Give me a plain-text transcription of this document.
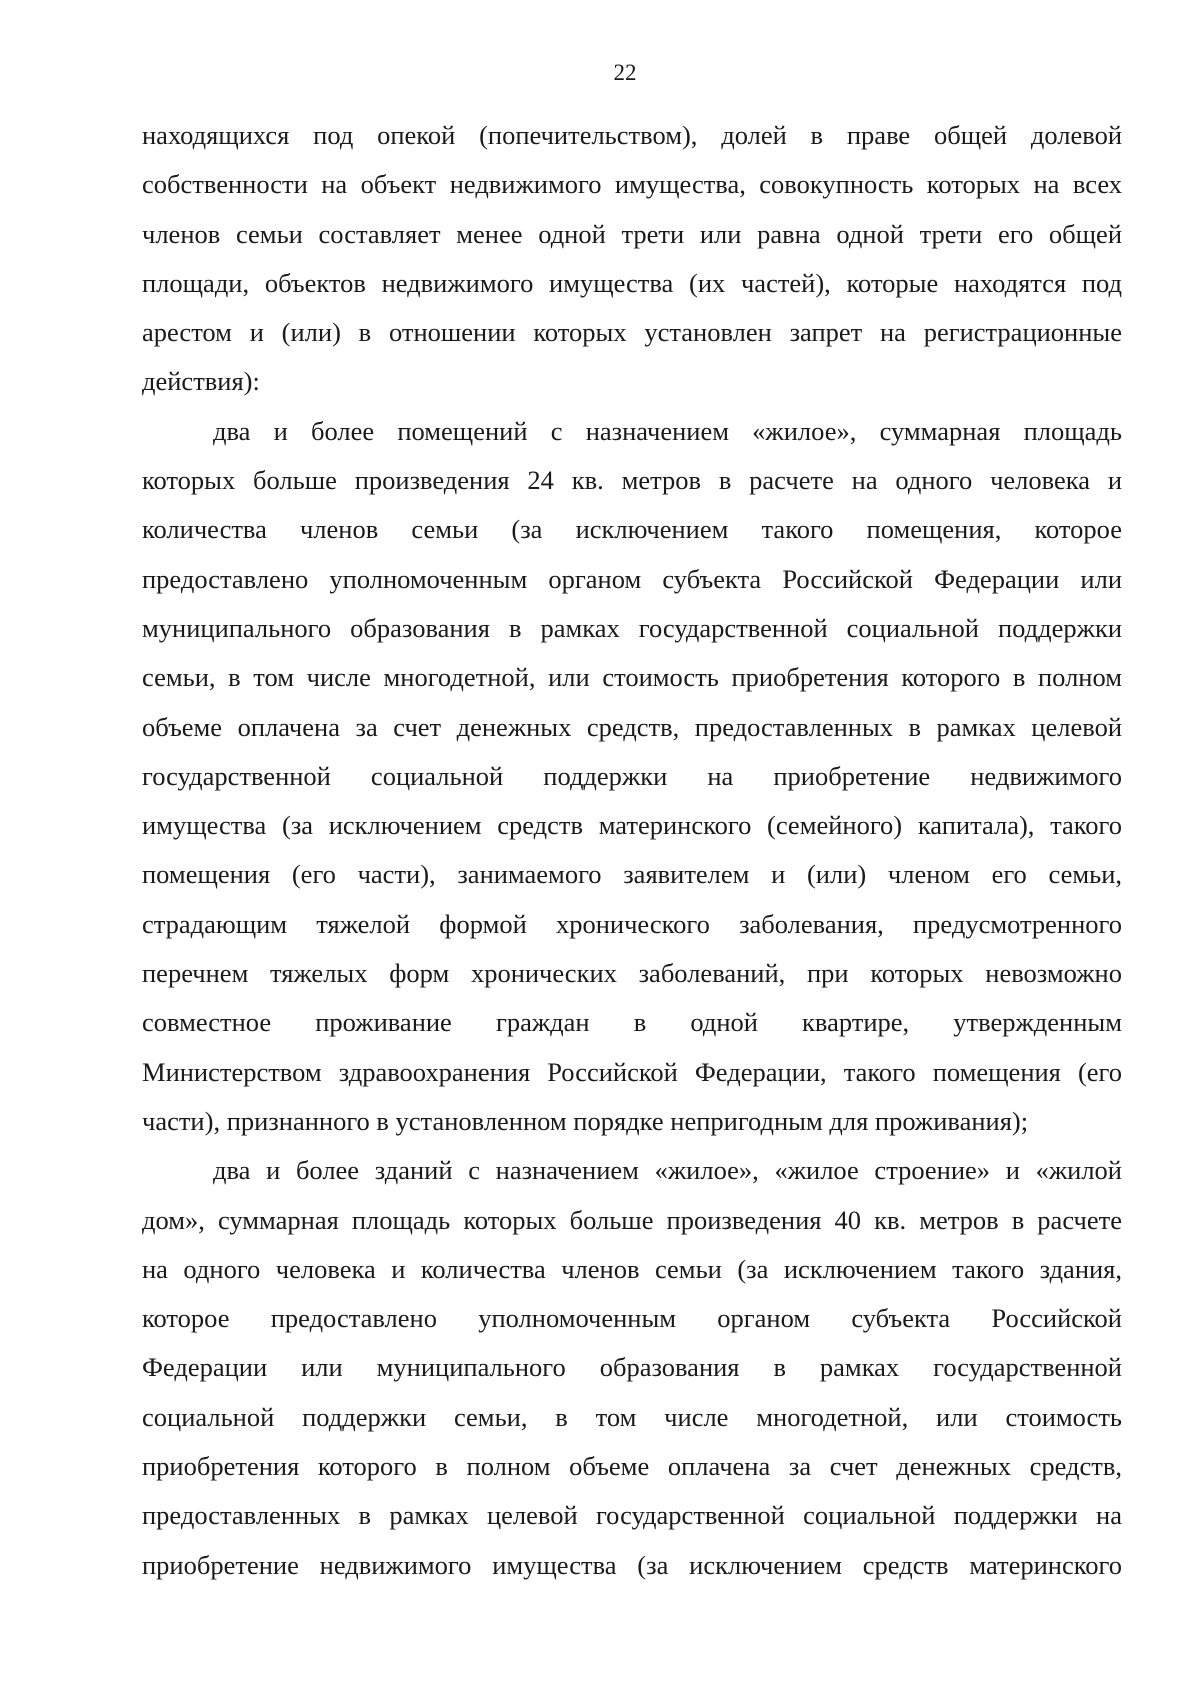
22

находящихся под опекой (попечительством), долей в праве общей долевой
собственности на объект недвижимого имущества, совокупность которых на всех
членов семьи составляет менее одной трети или равна одной трети его общей
площади, объектов недвижимого имущества (их частей), которые находятся под
арестом и (или) в отношении которых установлен запрет на регистрационные
действия):

два и более помещений с назначением «жилое», суммарная площадь
которых больше произведения 24 кв. метров в расчете на одного человека и
количества членов семьи (за исключением такого помещения, которое
предоставлено уполномоченным органом субъекта Российской Федерации или
муниципального образования в рамках государственной социальной поддержки
семьи, в том числе многодетной, или стоимость приобретения которого в полном
объеме оплачена за счет денежных средств, предоставленных в рамках целевой
государственной социальной поддержки на приобретение недвижимого
имущества (за исключением средств материнского (семейного) капитала), такого
помещения (его части), занимаемого заявителем и (или) членом его семьи,
страдающим тяжелой формой хронического заболевания, предусмотренного
перечнем тяжелых форм хронических заболеваний, при которых невозможно
совместное проживание граждан в одной квартире, утвержденным
Министерством здравоохранения Российской Федерации, такого помещения (его
части), признанного в установленном порядке непригодным для проживания);

два и более зданий с назначением «жилое», «жилое строение» и «жилой
дом», суммарная площадь которых больше произведения 40 кв. метров в расчете
на одного человека и количества членов семьи (за исключением такого здания,
которое предоставлено уполномоченным органом субъекта Российской
Федерации или муниципального образования в рамках государственной
социальной поддержки семьи, в том числе многодетной, или стоимость
приобретения которого в полном объеме оплачена за счет денежных средств,
предоставленных в рамках целевой государственной социальной поддержки на
приобретение недвижимого имущества (за исключением средств материнского
